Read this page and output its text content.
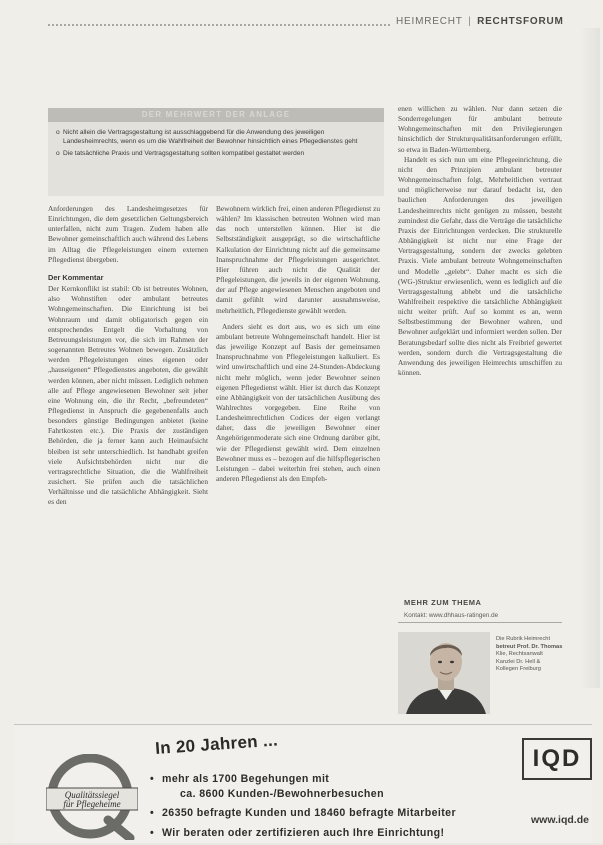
HEIMRECHT | RECHTSFORUM
DER MEHRWERT DER ANLAGE
o Nicht allein die Vertragsgestaltung ist ausschlaggebend für die Anwendung des jeweiligen Landesheimrechts, wenn es um die Wahlfreiheit der Bewohner hinsichtlich eines Pflegedienstes geht
o Die tatsächliche Praxis und Vertragsgestaltung sollten kompatibel gestaltet werden

Anforderungen des Landesheimgesetzes für Einrichtungen, die dem gesetzlichen Geltungsbereich unterfallen, nicht zum Tragen. Zudem haben alle Bewohner gemeinschaftlich auch während des Lebens im Alltag die Pflegeleistungen einem externen Pflegedienst übergeben.

Der Kommentar

Der Kernkonflikt ist stabil: Ob ist betreutes Wohnen, also Wohnstiften oder ambulant betreutes Wohngemeinschaften. Die Einrichtung ist bei Wohnraum und damit obligatorisch gegen ein entsprechendes Entgelt die Vorhaltung von Betreuungsleistungen vor, die sich im Rahmen der sogenannten Betreutes Wohnen bewegen. Zusätzlich werden Pflegeleistungen eines eigenen oder „hauseigenen“ Pflegedienstes angeboten, die gewählt werden können, aber nicht müssen. Lediglich nehmen alle auf Pflege angewiesenen Bewohner seit jeher eine Wohnung ein, die ihr Recht, „befreundeten“ Pflegedienst in Anspruch die gegebenenfalls auch besonders günstige Bedingungen anbietet (keine Fahrtkosten etc.). Die Praxis der zuständigen Behörden, die ja ferner kann auch Heimaufsicht bleiben ist sehr unterschiedlich. Ist handhabt greifen viele Aufsichtsbehörden nicht nur die vertragsrechtliche Situation, die die Wahlfreiheit zusichert. Sie prüfen auch die tatsächlichen Verhältnisse und die tatsächliche Abhängigkeit. Sieht es den

Bewohnern wirklich frei, einen anderen Pflegedienst zu wählen? Im klassischen betreuten Wohnen wird man das noch unterstellen können. Hier ist die Selbstständigkeit ausgeprägt, so die wirtschaftliche Kalkulation der Einrichtung nicht auf die gemeinsame Inanspruchnahme der Pflegeleistungen ausgerichtet. Hier führen auch nicht die Qualität der Pflegeleistungen, die jeweils in der eigenen Wohnung, der auf Pflege angewiesenen Menschen angeboten und damit gefühlt wird darunter ausnahmsweise, mehrheitlich, Pflegedienste gewählt werden.

Anders sieht es dort aus, wo es sich um eine ambulant betreute Wohngemeinschaft handelt. Hier ist das jeweilige Konzept auf Basis der gemeinsamen Inanspruchnahme von Pflegeleistungen kalkuliert. Es wird unwirtschaftlich und eine 24-Stunden-Abdeckung nicht mehr möglich, wenn jeder Bewohner seinen eigenen Pflegedienst wählt. Hier ist durch das Konzept eine Abhängigkeit von der tatsächlichen Ausübung des Wahlrechtes vorgegeben. Eine Reihe von Landesheimrechtlichen Codices der eigen verlangt daher, dass die jeweiligen Bewohner einer Angehörigenmoderate sich eine Ordnung darüber gibt, wie der Pflegedienst gewählt wird. Dem einzelnen Bewohner muss es – bezogen auf die hilfspflegerischen Leistungen – dabei weiterhin frei stehen, auch einen anderen Pflegedienst als den Empfeh-

enen willichen zu wählen. Nur dann setzen die Sonderregelungen für ambulant betreute Wohngemeinschaften mit den Privilegierungen hinsichtlich der Strukturqualitätsanforderungen erfüllt, so etwa in Baden-Württemberg.

Handelt es sich nun um eine Pflegeeinrichtung, die nicht den Prinzipien ambulant betreuter Wohngemeinschaften folgt, Mehrheitlichen vertraut und möglicherweise nur darauf bedacht ist, den baulichen Anforderungen des jeweiligen Landesheimrechts nicht genügen zu müssen, besteht zumindest die Gefahr, dass die Verträge die tatsächliche Praxis der Einrichtungen verdecken. Die strukturelle Abhängigkeit ist nicht nur eine Frage der Vertragsgestaltung, sondern der zwecks gelebten Praxis. Viele ambulant betreute Wohngemeinschaften und Modelle „gelebt“. Daher macht es sich die (WG-)Struktur erwiesenlich, wenn es lediglich auf die Vertragsgestaltung abhebt und die tatsächliche Wahlfreiheit respektive die tatsächliche Abhängigkeit nicht weiter prüft. Auf so kommt es an, wenn Selbstbestimmung der Bewohner wahren, und Bewohner aufgeklärt und informiert werden sollen. Der Beratungsbedarf sollte dies nicht als Freibrief gewertet werden, sondern durch die Vertragsgestaltung die Anwendung des jeweiligen Heimrechts umschiffen zu können.

MEHR ZUM THEMA
Kontakt: www.dhhaus-ratingen.de
Die Rubrik Heimrecht
betreut Prof. Dr. Thomas
Klie, Rechtsanwalt
Kanzlei Dr. Hell &
Kollegen Freiburg
Qualitätssiegel
für Pflegeheime
In 20 Jahren ...
• mehr als 1700 Begehungen mit
ca. 8600 Kunden-/Bewohnerbesuchen
• 26350 befragte Kunden und 18460 befragte Mitarbeiter
• Wir beraten oder zertifizieren auch Ihre Einrichtung!
IQD
www.iqd.de
